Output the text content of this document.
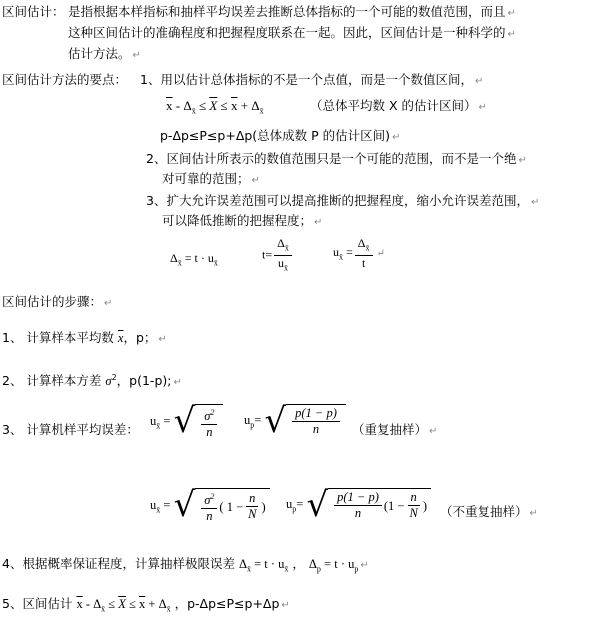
区间估计： 是指根据本样指标和抽样平均误差去推断总体指标的一个可能的数值范围，而且 ↵
这种区间估计的准确程度和把握程度联系在一起。因此，区间估计是一种科学的 ↵
估计方法。 ↵
区间估计方法的要点： 1、用以估计总体指标的不是一个点值，而是一个数值区间， ↵
$\overline{x} - \Delta_{x̄} \le \overline{X} \le \overline{x} + \Delta_{x̄}$	（总体平均数 X 的估计区间） ↵
p-Δp≤P≤p+Δp(总体成数 P 的估计区间) ↵
2、区间估计所表示的数值范围只是一个可能的范围，而不是一个绝 ↵
对可靠的范围； ↵
3、扩大允许误差范围可以提高推断的把握程度，缩小允许误差范围， ↵
可以降低推断的把握程度； ↵
$\Delta_{x̄} = t \cdot u_{x̄}$
$t= \frac{\Delta_{x̄}}{u_{x̄}}$	$u_{x̄} = \frac{\Delta_{x̄}}{t}$ ↵
区间估计的步骤： ↵
1、 计算样本平均数 $\overline{x}$，p； ↵
2、 计算样本方差 $\sigma^2$，p(1-p); ↵
3、 计算机样平均误差：
$u_{x̄}$ = √ $\frac{\sigma^2}{n} u_p=$ √ $\frac{p(1 - p)}{n}$ （重复抽样） ↵
$u_{x̄}$ = √ $\frac{\sigma^2}{n}$ ( $1 - \frac{n}{N}$ )	$u_p=$ √ $\frac{p(1 - p)}{n} (1 - \frac{n}{N}$ )	（不重复抽样） ↵
4、根据概率保证程度，计算抽样极限误差 $\Delta_{x̄} = t \cdot u_{x̄}$ ， $\Delta_p = t \cdot u_p$ ↵
5、区间估计 $\overline{x} - \Delta_{x̄} \le \overline{X} \le \overline{x} + \Delta_{x̄}$ ，p-Δp≤P≤p+Δp ↵
